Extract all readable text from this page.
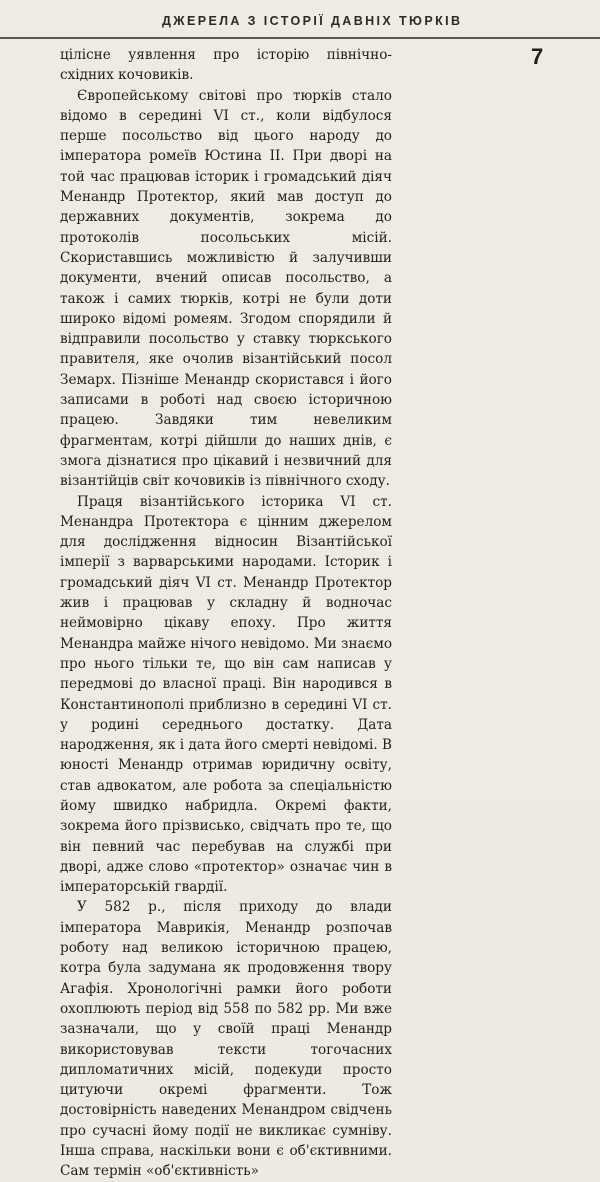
ДЖЕРЕЛА З ІСТОРІЇ ДАВНІХ ТЮРКІВ
7

цілісне уявлення про історію північно-східних кочовиків.

Європейському світові про тюрків стало відомо в середині VI ст., коли відбулося перше посольство від цього народу до імператора ромеїв Юстина II. При дворі на той час працював історик і громадський діяч Менандр Протектор, який мав доступ до державних документів, зокрема до протоколів посольських місій. Скориставшись можливістю й залучивши документи, вчений описав посольство, а також і самих тюрків, котрі не були доти широко відомі ромеям. Згодом спорядили й відправили посольство у ставку тюркського правителя, яке очолив візантійський посол Земарх. Пізніше Менандр скористався і його записами в роботі над своєю історичною працею. Завдяки тим невеликим фрагментам, котрі дійшли до наших днів, є змога дізнатися про цікавий і незвичний для візантійців світ кочовиків із північного сходу.

Праця візантійського історика VI ст. Менандра Протектора є цінним джерелом для дослідження відносин Візантійської імперії з варварськими народами. Історик і громадський діяч VI ст. Менандр Протектор жив і працював у складну й водночас неймовірно цікаву епоху. Про життя Менандра майже нічого невідомо. Ми знаємо про нього тільки те, що він сам написав у передмові до власної праці. Він народився в Константинополі приблизно в середині VI ст. у родині середнього достатку. Дата народження, як і дата його смерті невідомі. В юності Менандр отримав юридичну освіту, став адвокатом, але робота за спеціальністю йому швидко набридла. Окремі факти, зокрема його прізвисько, свідчать про те, що він певний час перебував на службі при дворі, адже слово «протектор» означає чин в імператорській гвардії.

У 582 р., після приходу до влади імператора Маврикія, Менандр розпочав роботу над великою історичною працею, котра була задумана як продовження твору Агафія. Хронологічні рамки його роботи охоплюють період від 558 по 582 рр. Ми вже зазначали, що у своїй праці Менандр використовував тексти тогочасних дипломатичних місій, подекуди просто цитуючи окремі фрагменти. Тож достовірність наведених Менандром свідчень про сучасні йому події не викликає сумніву. Інша справа, наскільки вони є об'єктивними. Сам термін «об'єктивність»
